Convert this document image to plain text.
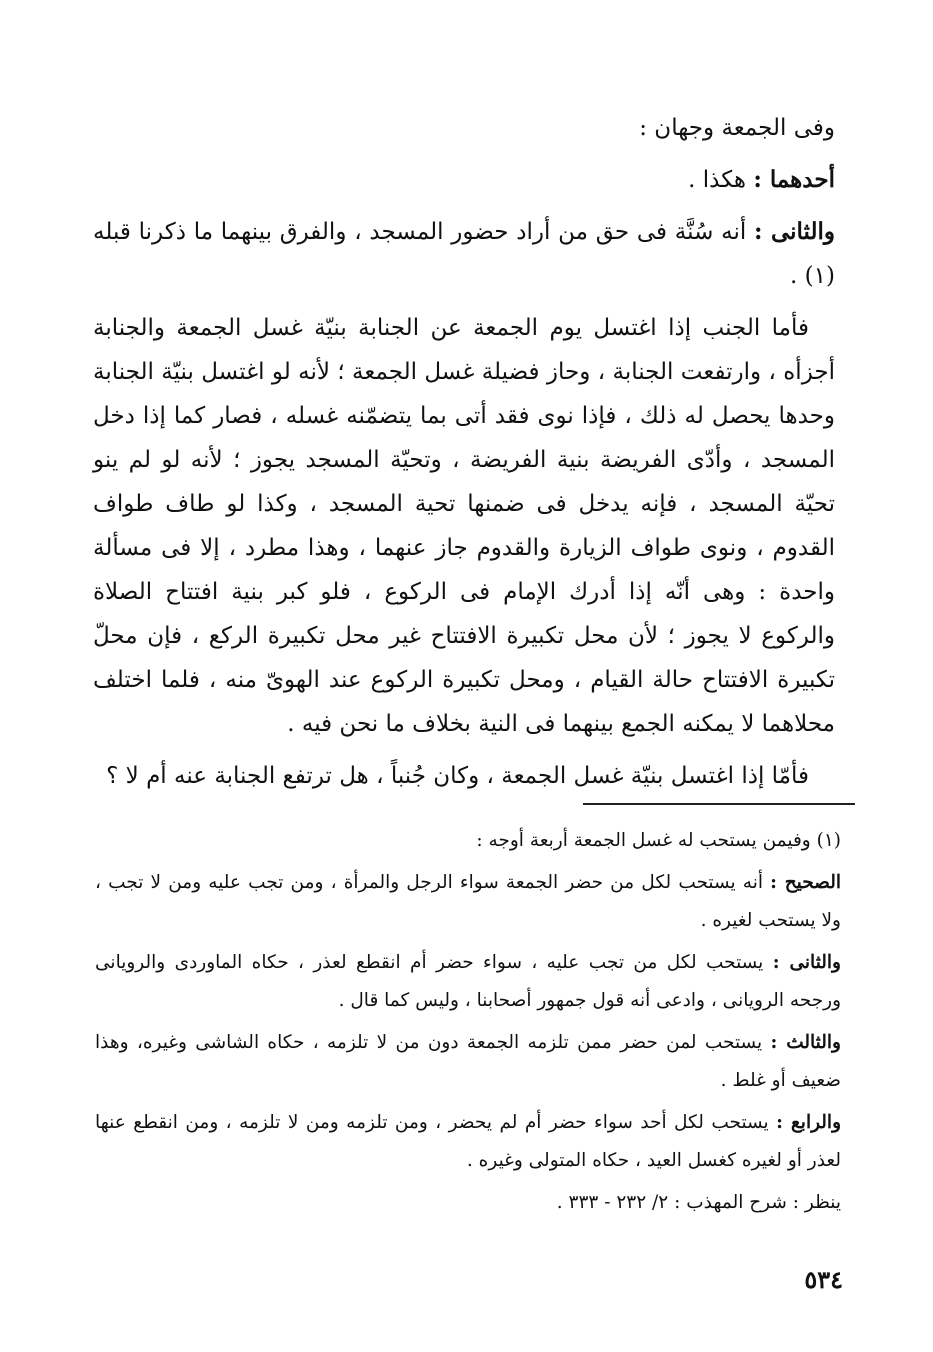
وفى الجمعة وجهان :

أحدهما : هكذا .

والثانى : أنه سُنَّة فى حق من أراد حضور المسجد ، والفرق بينهما ما ذكرنا قبله (١) .

فأما الجنب إذا اغتسل يوم الجمعة عن الجنابة بنيّة غسل الجمعة والجنابة أجزأه ، وارتفعت الجنابة ، وحاز فضيلة غسل الجمعة ؛ لأنه لو اغتسل بنيّة الجنابة وحدها يحصل له ذلك ، فإذا نوى فقد أتى بما يتضمّنه غسله ، فصار كما إذا دخل المسجد ، وأدّى الفريضة بنية الفريضة ، وتحيّة المسجد يجوز ؛ لأنه لو لم ينو تحيّة المسجد ، فإنه يدخل فى ضمنها تحية المسجد ، وكذا لو طاف طواف القدوم ، ونوى طواف الزيارة والقدوم جاز عنهما ، وهذا مطرد ، إلا فى مسألة واحدة : وهى أنّه إذا أدرك الإمام فى الركوع ، فلو كبر بنية افتتاح الصلاة والركوع لا يجوز ؛ لأن محل تكبيرة الافتتاح غير محل تكبيرة الركع ، فإن محلّ تكبيرة الافتتاح حالة القيام ، ومحل تكبيرة الركوع عند الهوىّ منه ، فلما اختلف محلاهما لا يمكنه الجمع بينهما فى النية بخلاف ما نحن فيه .

فأمّا إذا اغتسل بنيّة غسل الجمعة ، وكان جُنباً ، هل ترتفع الجنابة عنه أم لا ؟

(١) وفيمن يستحب له غسل الجمعة أربعة أوجه :

الصحيح : أنه يستحب لكل من حضر الجمعة سواء الرجل والمرأة ، ومن تجب عليه ومن لا تجب ، ولا يستحب لغيره .

والثانى : يستحب لكل من تجب عليه ، سواء حضر أم انقطع لعذر ، حكاه الماوردى والرويانى ورجحه الرويانى ، وادعى أنه قول جمهور أصحابنا ، وليس كما قال .

والثالث : يستحب لمن حضر ممن تلزمه الجمعة دون من لا تلزمه ، حكاه الشاشى وغيره، وهذا ضعيف أو غلط .

والرابع : يستحب لكل أحد سواء حضر أم لم يحضر ، ومن تلزمه ومن لا تلزمه ، ومن انقطع عنها لعذر أو لغيره كغسل العيد ، حكاه المتولى وغيره .

ينظر : شرح المهذب : ٢/ ٢٣٢ - ٣٣٣ .

٥٣٤
